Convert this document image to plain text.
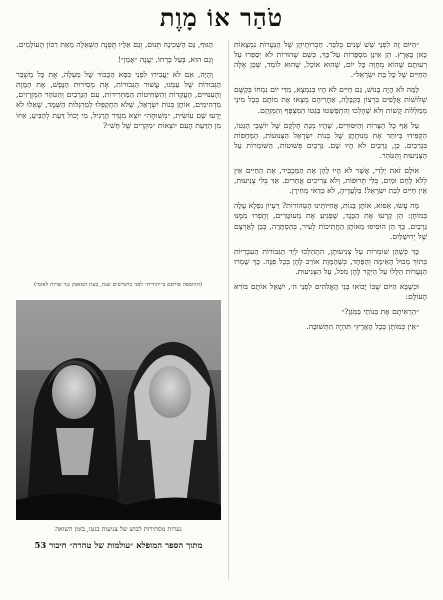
טֹהַר אוֹ מָוֶת

״הַיּוֹם זֶה לִפְנֵי שֵׁשׁ שָׁנִים בְּלִבַּד. חַבְרוּתֵיהֶן שֶׁל הַנְּעָרוֹת נִמְצָאוֹת כָּאן בָּאָרֶץ. הֵן אֵינָן מִסְפָּרוֹת עַל־כָּךְ, כְּשֵׁם שֶׁהוּרוֹת לֹא יְסַפְּרוּ עַל רְעוּתָם שֶׁהוֹא מְחַוֶּה כָּל יוֹם, שֶׁהוּא אוֹכֵל, שֶׁהוּא לוֹמֵד, שֶׁכֵּן אֵלֶּה הַחַיִּים שֶׁל כָּל בַּת יִשְׂרָאֵל״.

לָמָּה לֹא הָיָה בָּנוּשׁ, גַּם חַיִּים לֹא הָיוּ בְּנִמְצָא, מִדֵּי יוֹם נִמְחוֹ בְּקַשָּׁם שְׁלוֹשׁוֹת אֲלָפִים בִּרְצוֹן בְּקַבָּלָה, אַחֲרֵיהֶם מְצָאוּ אֶת מוֹתָם בְּכָל מִינֵי מְמַלְּלוֹת קָשׁוֹת וְלֹא שֶׁהֶלְכוּ וְהִתְפַּשְּׁטוּ בַּגֵּטוֹ הַמְּצֻפָּף וְהַמְּזֻהָם.

עַל אַף כָּל הַצָּרוֹת וְהַיִּסּוּרִים, שֶׁהָיוּ מְנַת חֶלְקָם שֶׁל יוֹשְׁבֵי הַגֵּטוֹ, הִקְפִּידוּ בְּיוֹתֵר אֶת מְנוּחָתָן שֶׁל בְּנוֹת יִשְׂרָאֵל הַצְּנוּעוֹת, הַמְּחַסּוֹת בִּגְרֵבַיִם. כֵּן, גַּרְבַיִם לֹא הָיוּ שָׁם. גַּרְבַיִם פְּשׁוּטוֹת, הַשּׁוֹמְרוֹת עַל הַצְּנִיעוּת וְהַטֹּהַר.

אוּלָם זֹאת יַלְדֵי, אֲשֶׁר לֹא הָיוּ לָהֶן אֶת הַמַּכְבֵּיר, אֶת הַחַיִּים אֵין לְלֹא לֶחֶם וּמַיִם, בְּלִי תְּרוּפוֹת, וְלֹא צְרִיכִים אֲחֵרִים. אַךְ בְּלִי צְנִיעוּת, אֵין חַיִּים לְבַת יִשְׂרָאֵל! בִּלְעָדֶיהָ, לֹא כְּדַאי מְחִירָן.

מָה עָשׂוּ, אֵפוֹא, אוֹתָן בָּנוֹת, אֲחִיּוֹתֵינוּ הַטְּהוֹרוֹת? רַעְיוֹן נִפְלָא עָלָה בְּמוֹחָן: הֵן קָרְעוּ אֶת הַבֶּגֶד, שֶׁפְּגִיעַ אֶת מְעוֹטָרִים, וְתָפְרוּ מִמֶּנּוּ גַּרְבַיִם. כָּךְ הֵן הוֹסִיפוּ מֵאוֹתָן הַחֲתִיכוֹת לְעִיר, בְּהַסְתָּרָה, כְּבֵן לְאַרְצָם שֶׁל יְרוּשָׁלַיִם.

כָּךְ כְּשֶׁהֵן שׁוֹמְרוֹת עַל צְנִיעוּתָן, הִתְהַלְּכוּ לְיַד הַגִּבּוֹרוֹת הַעִבְרִיּוֹת בְּתוֹךְ מְבוּל הָאֵימָה וְהַפֶּחָד, כְּשֶׁהַמָּוֶת אוֹרֵב לָהֶן בְּכָל פִּנָּה. כָּךְ שָׁמְרוּ הַנְּעָרוֹת הַלָּלוּ עַל הַיְקָר לָהֶן מִכֹּל, עַל הַצְּנִיעוּת.

וּכְשֶׁבָּא הַיּוֹם שֶׁבּוֹ יָבוֹאוּ בְּנֵי הָאֱלֹהִים לִפְנֵי ה׳, יִשְׁאַל אוֹתָם בּוֹרֵא הָעוֹלָם:

״הַרְאִיתֶם אֶת בְּנוֹתַי בַּמַּגַּן?״

״אֵין כְּמוֹתָן בְּכָל הָאָרֶץ״ תִּהְיֶה הַתְּשׁוּבָה.

הַגּוּף, גַּם הַשְּׁכִינָה תְּנוּם, וְגַם אֵלָיו תֻּפְנֶה הַשְּׁאֵלָה מֵאֵת רִבּוֹן הָעוֹלָמִים.

וְגַם הוּא, בְּעַל כָּרְחוֹ, יַעֲנֶה ״אָמֵן״!

וְהָיָה, אִם לֹא יַעֲבִירוּ לִפְנֵי כִּסֵּא הַכָּבוֹד שֶׁל מַעְלָה, אֶת כָּל מַשְׁבֵּר הַגְּבוּרוֹת שֶׁל עַמֵּנוּ, עֲשׁוּר הַגְּבוּרוֹת, אֶת מְסִירוּת הַנֶּפֶשׁ, אֶת הַמָּוֶת וְהָעִנּוּיִים, הָעֲקֵדוֹת וְהַשְּׂחִיטוֹת הַמַּחְרִידוֹת, עִם הַגַּרְבַיִם וְהַטֹּהַר הַמְּזֻרְזִים, מַדְהִימִים, אוֹתָן בְּנוֹת יִשְׂרָאֵל, שֶׁלֹּא הִתְקַפְּלוּ לְמַרְגְּלוֹת הַשְּׁמָד, שֶׁאֵלוּ לֹא יָדְעוּ שֵׁם עוֹשִׂית, ״מְשׁוּחָה״ יוֹצֵא מִגְדַּר הָרָגִיל, מִי יָכוֹל דַּעַת לְהַבִּיעַ, אֵיזוֹ מִן הַדַּעַת הָעִם יוֹצְאוֹת ״מִקְרִים שֶׁל חֵשׁ״?

(ההוספה פורסם ב״יהודית״ לפני כחמישים שנה, בעת המאבק נגד שרות לאומי)
נערות מסתירות לבוש של צניעות בגטו, בזמן השואה
מתוך הספר המופלא ״עולמות של טהרה״ חיבור 53
